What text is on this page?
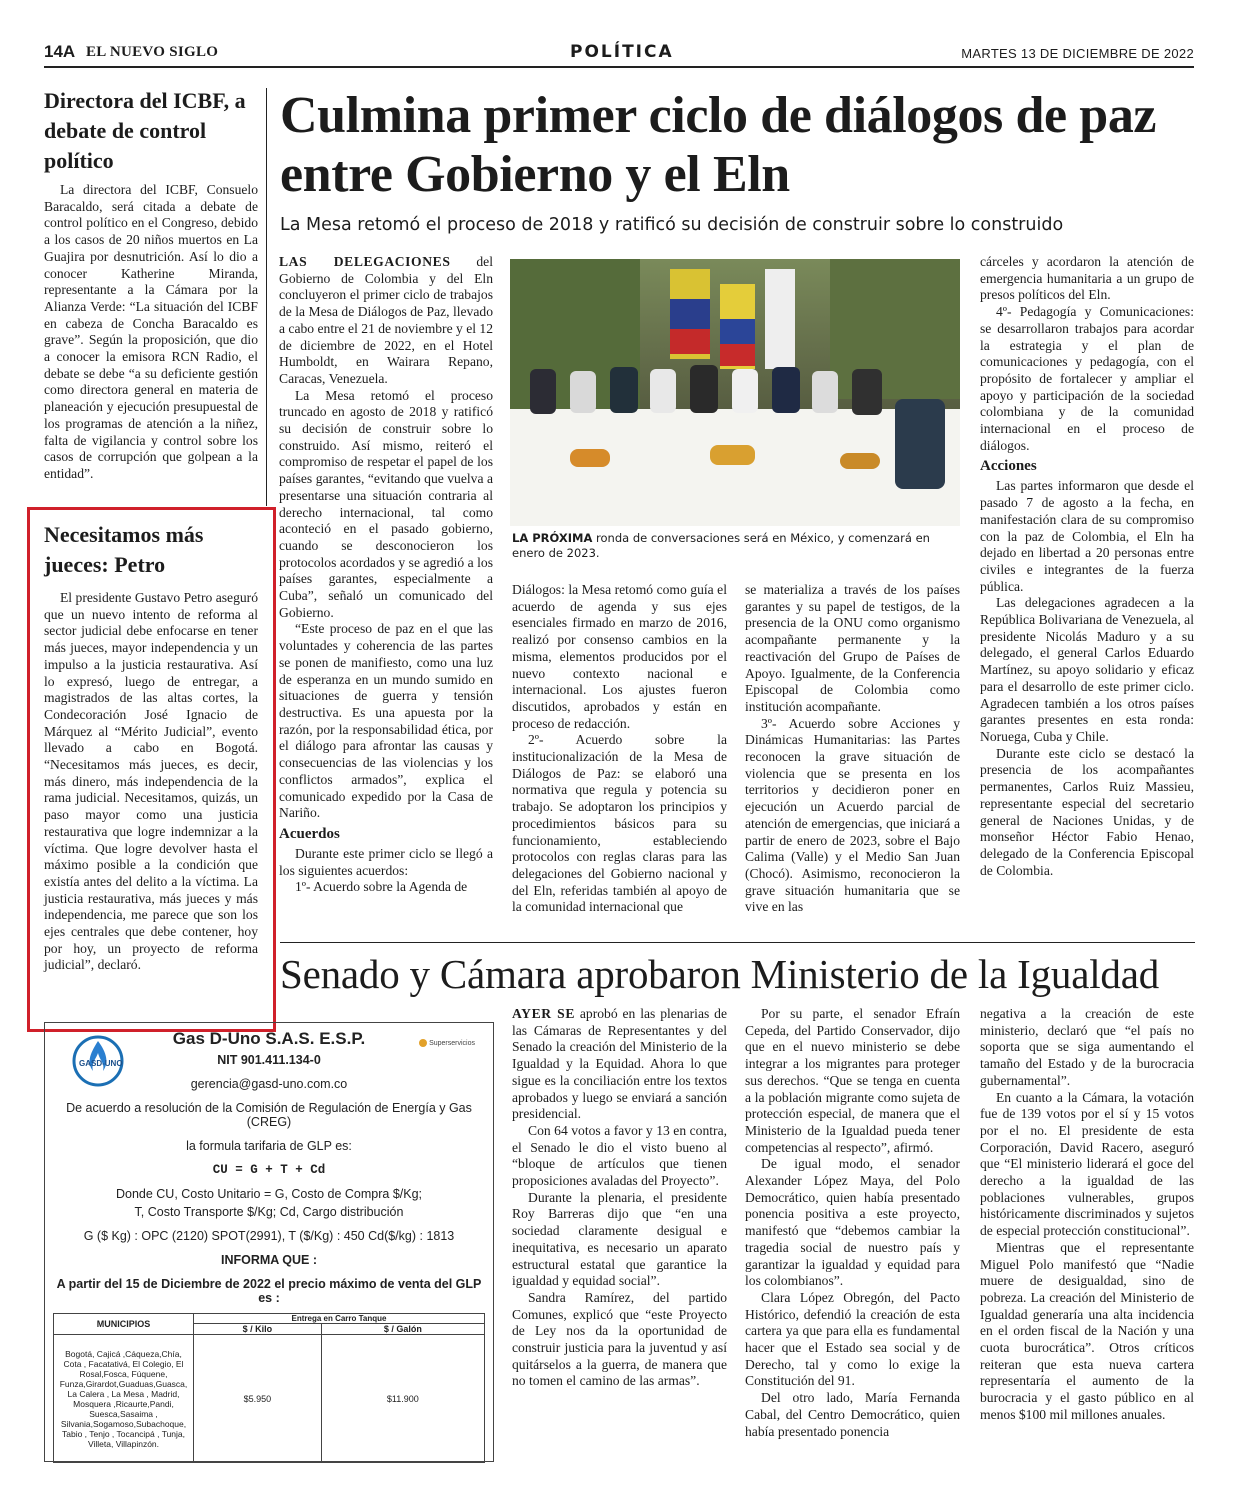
14A EL NUEVO SIGLO	POLÍTICA	MARTES 13 DE DICIEMBRE DE 2022
Directora del ICBF, a debate de control político

La directora del ICBF, Consuelo Baracaldo, será citada a debate de control político en el Congreso, debido a los casos de 20 niños muertos en La Guajira por desnutrición. Así lo dio a conocer Katherine Miranda, representante a la Cámara por la Alianza Verde: “La situación del ICBF en cabeza de Concha Baracaldo es grave”. Según la proposición, que dio a conocer la emisora RCN Radio, el debate se debe “a su deficiente gestión como directora general en materia de planeación y ejecución presupuestal de los programas de atención a la niñez, falta de vigilancia y control sobre los casos de corrupción que golpean a la entidad”.

Necesitamos más jueces: Petro

El presidente Gustavo Petro aseguró que un nuevo intento de reforma al sector judicial debe enfocarse en tener más jueces, mayor independencia y un impulso a la justicia restaurativa. Así lo expresó, luego de entregar, a magistrados de las altas cortes, la Condecoración José Ignacio de Márquez al “Mérito Judicial”, evento llevado a cabo en Bogotá. “Necesitamos más jueces, es decir, más dinero, más independencia de la rama judicial. Necesitamos, quizás, un paso mayor como una justicia restaurativa que logre indemnizar a la víctima. Que logre devolver hasta el máximo posible a la condición que existía antes del delito a la víctima. La justicia restaurativa, más jueces y más independencia, me parece que son los ejes centrales que debe contener, hoy por hoy, un proyecto de reforma judicial”, declaró.

Culmina primer ciclo de diálogos de paz entre Gobierno y el Eln
La Mesa retomó el proceso de 2018 y ratificó su decisión de construir sobre lo construido

LAS DELEGACIONES del Gobierno de Colombia y del Eln concluyeron el primer ciclo de trabajos de la Mesa de Diálogos de Paz, llevado a cabo entre el 21 de noviembre y el 12 de diciembre de 2022, en el Hotel Humboldt, en Wairara Repano, Caracas, Venezuela.

La Mesa retomó el proceso truncado en agosto de 2018 y ratificó su decisión de construir sobre lo construido. Así mismo, reiteró el compromiso de respetar el papel de los países garantes, “evitando que vuelva a presentarse una situación contraria al derecho internacional, tal como aconteció en el pasado gobierno, cuando se desconocieron los protocolos acordados y se agredió a los países garantes, especialmente a Cuba”, señaló un comunicado del Gobierno.

“Este proceso de paz en el que las voluntades y coherencia de las partes se ponen de manifiesto, como una luz de esperanza en un mundo sumido en situaciones de guerra y tensión destructiva. Es una apuesta por la razón, por la responsabilidad ética, por el diálogo para afrontar las causas y consecuencias de las violencias y los conflictos armados”, explica el comunicado expedido por la Casa de Nariño.

Acuerdos

Durante este primer ciclo se llegó a los siguientes acuerdos:

1º- Acuerdo sobre la Agenda de

LA PRÓXIMA ronda de conversaciones será en México, y comenzará en enero de 2023.

Diálogos: la Mesa retomó como guía el acuerdo de agenda y sus ejes esenciales firmado en marzo de 2016, realizó por consenso cambios en la misma, elementos producidos por el nuevo contexto nacional e internacional. Los ajustes fueron discutidos, aprobados y están en proceso de redacción.

2º- Acuerdo sobre la institucionalización de la Mesa de Diálogos de Paz: se elaboró una normativa que regula y potencia su trabajo. Se adoptaron los principios y procedimientos básicos para su funcionamiento, estableciendo protocolos con reglas claras para las delegaciones del Gobierno nacional y del Eln, referidas también al apoyo de la comunidad internacional que

se materializa a través de los países garantes y su papel de testigos, de la presencia de la ONU como organismo acompañante permanente y la reactivación del Grupo de Países de Apoyo. Igualmente, de la Conferencia Episcopal de Colombia como institución acompañante.

3º- Acuerdo sobre Acciones y Dinámicas Humanitarias: las Partes reconocen la grave situación de violencia que se presenta en los territorios y decidieron poner en ejecución un Acuerdo parcial de atención de emergencias, que iniciará a partir de enero de 2023, sobre el Bajo Calima (Valle) y el Medio San Juan (Chocó). Asimismo, reconocieron la grave situación humanitaria que se vive en las

cárceles y acordaron la atención de emergencia humanitaria a un grupo de presos políticos del Eln.

4º- Pedagogía y Comunicaciones: se desarrollaron trabajos para acordar la estrategia y el plan de comunicaciones y pedagogía, con el propósito de fortalecer y ampliar el apoyo y participación de la sociedad colombiana y de la comunidad internacional en el proceso de diálogos.

Acciones

Las partes informaron que desde el pasado 7 de agosto a la fecha, en manifestación clara de su compromiso con la paz de Colombia, el Eln ha dejado en libertad a 20 personas entre civiles e integrantes de la fuerza pública.

Las delegaciones agradecen a la República Bolivariana de Venezuela, al presidente Nicolás Maduro y a su delegado, el general Carlos Eduardo Martínez, su apoyo solidario y eficaz para el desarrollo de este primer ciclo. Agradecen también a los otros países garantes presentes en esta ronda: Noruega, Cuba y Chile.

Durante este ciclo se destacó la presencia de los acompañantes permanentes, Carlos Ruiz Massieu, representante especial del secretario general de Naciones Unidas, y de monseñor Héctor Fabio Henao, delegado de la Conferencia Episcopal de Colombia.

Senado y Cámara aprobaron Ministerio de la Igualdad

AYER SE aprobó en las plenarias de las Cámaras de Representantes y del Senado la creación del Ministerio de la Igualdad y la Equidad. Ahora lo que sigue es la conciliación entre los textos aprobados y luego se enviará a sanción presidencial.

Con 64 votos a favor y 13 en contra, el Senado le dio el visto bueno al “bloque de artículos que tienen proposiciones avaladas del Proyecto”.

Durante la plenaria, el presidente Roy Barreras dijo que “en una sociedad claramente desigual e inequitativa, es necesario un aparato estructural estatal que garantice la igualdad y equidad social”.

Sandra Ramírez, del partido Comunes, explicó que “este Proyecto de Ley nos da la oportunidad de construir justicia para la juventud y así quitárselos a la guerra, de manera que no tomen el camino de las armas”.

Por su parte, el senador Efraín Cepeda, del Partido Conservador, dijo que en el nuevo ministerio se debe integrar a los migrantes para proteger sus derechos. “Que se tenga en cuenta a la población migrante como sujeta de protección especial, de manera que el Ministerio de la Igualdad pueda tener competencias al respecto”, afirmó.

De igual modo, el senador Alexander López Maya, del Polo Democrático, quien había presentado ponencia positiva a este proyecto, manifestó que “debemos cambiar la tragedia social de nuestro país y garantizar la igualdad y equidad para los colombianos”.

Clara López Obregón, del Pacto Histórico, defendió la creación de esta cartera ya que para ella es fundamental hacer que el Estado sea social y de Derecho, tal y como lo exige la Constitución del 91.

Del otro lado, María Fernanda Cabal, del Centro Democrático, quien había presentado ponencia

negativa a la creación de este ministerio, declaró que “el país no soporta que se siga aumentando el tamaño del Estado y de la burocracia gubernamental”.

En cuanto a la Cámara, la votación fue de 139 votos por el sí y 15 votos por el no. El presidente de esta Corporación, David Racero, aseguró que “El ministerio liderará el goce del derecho a la igualdad de las poblaciones vulnerables, grupos históricamente discriminados y sujetos de especial protección constitucional”.

Mientras que el representante Miguel Polo manifestó que “Nadie muere de desigualdad, sino de pobreza. La creación del Ministerio de Igualdad generaría una alta incidencia en el orden fiscal de la Nación y una cuota burocrática”. Otros críticos reiteran que esta nueva cartera representaría el aumento de la burocracia y el gasto público en al menos $100 mil millones anuales.

GASD-UNO
Superservicios
Gas D-Uno S.A.S. E.S.P.
NIT 901.411.134-0
gerencia@gasd-uno.com.co
De acuerdo a resolución de la Comisión de Regulación de Energía y Gas (CREG)
la formula tarifaria de GLP es:
CU = G + T + Cd
Donde CU, Costo Unitario = G, Costo de Compra $/Kg;
T, Costo Transporte $/Kg; Cd, Cargo distribución
G ($ Kg) : OPC (2120) SPOT(2991), T ($/Kg) : 450 Cd($/kg) : 1813
INFORMA QUE :
A partir del 15 de Diciembre de 2022 el precio máximo de venta del GLP es :
MUNICIPIOS	Entrega en Carro Tanque	
	$ / Kilo	$ / Galón
Bogotá, Cajicá ,Cáqueza,Chía, Cota , Facatativá, El Colegio, El Rosal,Fosca, Fúquene, Funza,Girardot,Guaduas,Guasca, La Calera , La Mesa , Madrid, Mosquera ,Ricaurte,Pandi, Suesca,Sasaima , Silvania,Sogamoso,Subachoque, Tabio , Tenjo , Tocancipá , Tunja, Villeta, Villapinzón.	$5.950	$11.900
